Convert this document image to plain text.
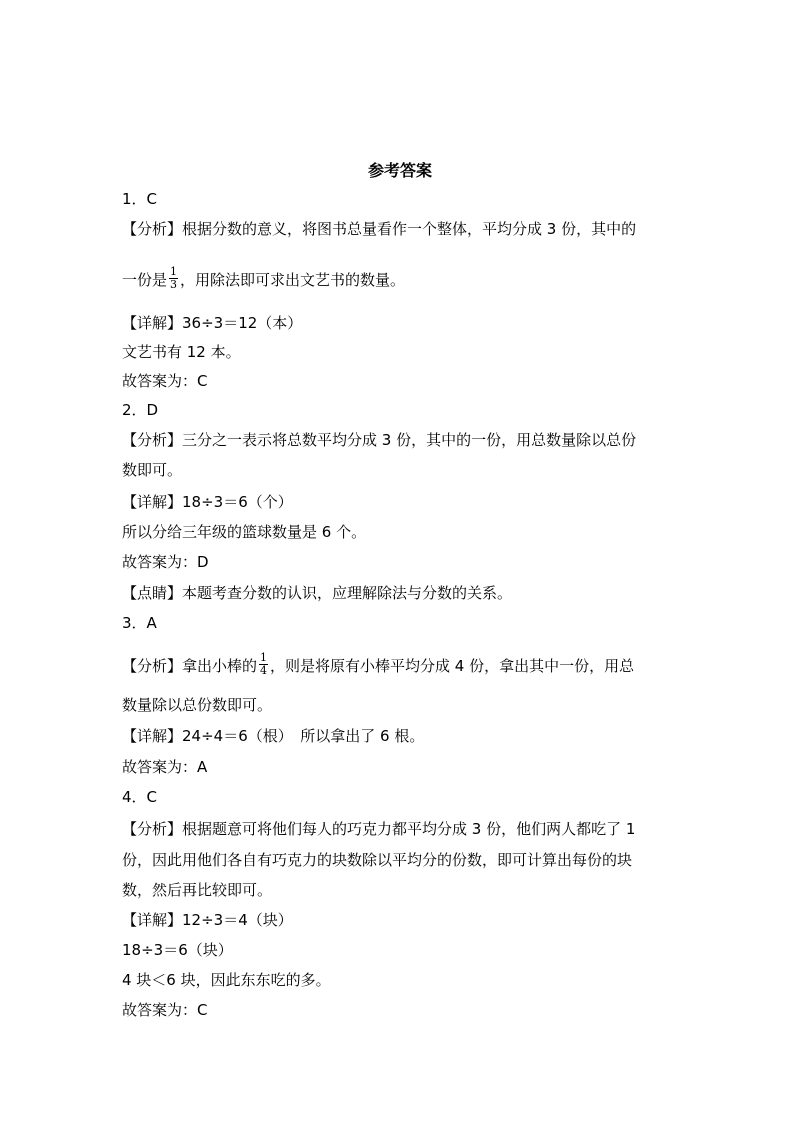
参考答案
1．C
【分析】根据分数的意义，将图书总量看作一个整体，平均分成 3 份，其中的
一份是 $\frac{1}{3}$ ，用除法即可求出文艺书的数量。
【详解】36÷3＝12（本）
文艺书有 12 本。
故答案为：C
2．D
【分析】三分之一表示将总数平均分成 3 份，其中的一份，用总数量除以总份
数即可。
【详解】18÷3＝6（个）
所以分给三年级的篮球数量是 6 个。
故答案为：D
【点睛】本题考查分数的认识，应理解除法与分数的关系。
3．A
【分析】拿出小棒的 $\frac{1}{4}$ ，则是将原有小棒平均分成 4 份，拿出其中一份，用总
数量除以总份数即可。
【详解】24÷4＝6（根）　所以拿出了 6 根。
故答案为：A
4．C
【分析】根据题意可将他们每人的巧克力都平均分成 3 份，他们两人都吃了 1
份，因此用他们各自有巧克力的块数除以平均分的份数，即可计算出每份的块
数，然后再比较即可。
【详解】12÷3＝4（块）
18÷3＝6（块）
4 块＜6 块，因此东东吃的多。
故答案为：C
